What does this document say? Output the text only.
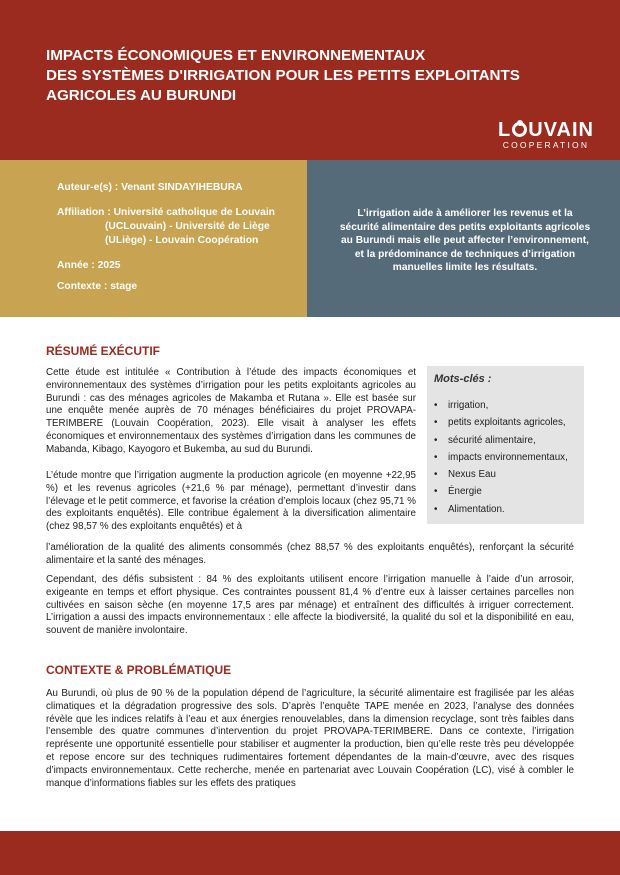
IMPACTS ÉCONOMIQUES ET ENVIRONNEMENTAUX
DES SYSTÈMES D'IRRIGATION POUR LES PETITS EXPLOITANTS
AGRICOLES AU BURUNDI
L UVAIN
COOPERATION
Auteur-e(s) : Venant SINDAYIHEBURA
Affiliation : Université catholique de Louvain
(UCLouvain) - Université de Liège
(ULiège) - Louvain Coopération
Année : 2025
Contexte : stage
L’irrigation aide à améliorer les revenus et la
sécurité alimentaire des petits exploitants agricoles
au Burundi mais elle peut affecter l’environnement,
et la prédominance de techniques d’irrigation
manuelles limite les résultats.
RÉSUMÉ EXÉCUTIF
Cette étude est intitulée « Contribution à l’étude des impacts économiques et environnementaux des systèmes d’irrigation pour les petits exploitants agricoles au Burundi : cas des ménages agricoles de Makamba et Rutana ». Elle est basée sur une enquête menée auprès de 70 ménages bénéficiaires du projet PROVAPA-TERIMBERE (Louvain Coopération, 2023). Elle visait à analyser les effets économiques et environnementaux des systèmes d’irrigation dans les communes de Mabanda, Kibago, Kayogoro et Bukemba, au sud du Burundi.
L’étude montre que l’irrigation augmente la production agricole (en moyenne +22,95 %) et les revenus agricoles (+21,6 % par ménage), permettant d’investir dans l’élevage et le petit commerce, et favorise la création d’emplois locaux (chez 95,71 % des exploitants enquêtés). Elle contribue également à la diversification alimentaire (chez 98,57 % des exploitants enquêtés) et à
l’amélioration de la qualité des aliments consommés (chez 88,57 % des exploitants enquêtés), renforçant la sécurité alimentaire et la santé des ménages.
Cependant, des défis subsistent : 84 % des exploitants utilisent encore l’irrigation manuelle à l’aide d’un arrosoir, exigeante en temps et effort physique. Ces contraintes poussent 81,4 % d’entre eux à laisser certaines parcelles non cultivées en saison sèche (en moyenne 17,5 ares par ménage) et entraînent des difficultés à irriguer correctement. L’irrigation a aussi des impacts environnementaux : elle affecte la biodiversité, la qualité du sol et la disponibilité en eau, souvent de manière involontaire.
Mots-clés :
• irrigation,
• petits exploitants agricoles,
• sécurité alimentaire,
• impacts environnementaux,
• Nexus Eau
• Énergie
• Alimentation.
CONTEXTE & PROBLÉMATIQUE
Au Burundi, où plus de 90 % de la population dépend de l’agriculture, la sécurité alimentaire est fragilisée par les aléas climatiques et la dégradation progressive des sols. D’après l’enquête TAPE menée en 2023, l’analyse des données révèle que les indices relatifs à l’eau et aux énergies renouvelables, dans la dimension recyclage, sont très faibles dans l’ensemble des quatre communes d’intervention du projet PROVAPA-TERIMBERE. Dans ce contexte, l’irrigation représente une opportunité essentielle pour stabiliser et augmenter la production, bien qu’elle reste très peu développée et repose encore sur des techniques rudimentaires fortement dépendantes de la main-d’œuvre, avec des risques d’impacts environnementaux. Cette recherche, menée en partenariat avec Louvain Coopération (LC), visé à combler le manque d’informations fiables sur les effets des pratiques
